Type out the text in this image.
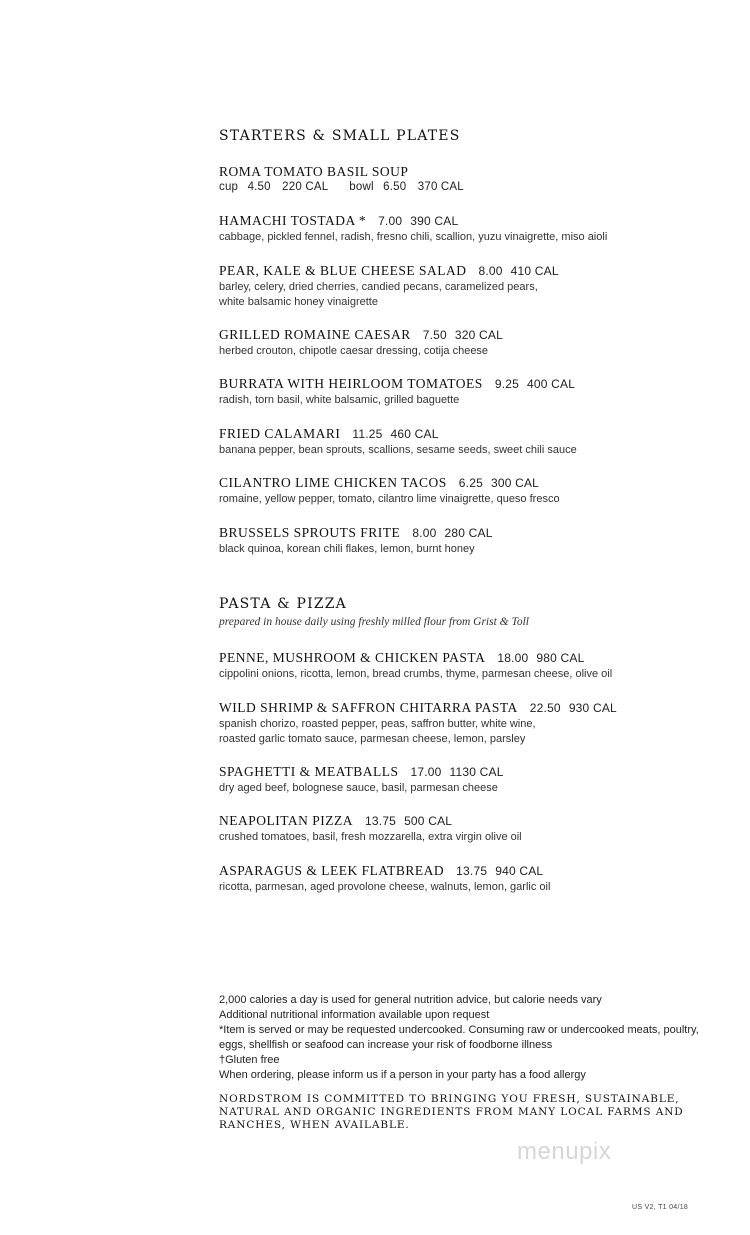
STARTERS & SMALL PLATES
ROMA TOMATO BASIL SOUP
cup 4.50 220 CAL bowl 6.50 370 CAL
HAMACHI TOSTADA * 7.00 390 CAL
cabbage, pickled fennel, radish, fresno chili, scallion, yuzu vinaigrette, miso aioli
PEAR, KALE & BLUE CHEESE SALAD 8.00 410 CAL
barley, celery, dried cherries, candied pecans, caramelized pears,
white balsamic honey vinaigrette
GRILLED ROMAINE CAESAR 7.50 320 CAL
herbed crouton, chipotle caesar dressing, cotija cheese
BURRATA WITH HEIRLOOM TOMATOES 9.25 400 CAL
radish, torn basil, white balsamic, grilled baguette
FRIED CALAMARI 11.25 460 CAL
banana pepper, bean sprouts, scallions, sesame seeds, sweet chili sauce
CILANTRO LIME CHICKEN TACOS 6.25 300 CAL
romaine, yellow pepper, tomato, cilantro lime vinaigrette, queso fresco
BRUSSELS SPROUTS FRITE 8.00 280 CAL
black quinoa, korean chili flakes, lemon, burnt honey
PASTA & PIZZA
prepared in house daily using freshly milled flour from Grist & Toll
PENNE, MUSHROOM & CHICKEN PASTA 18.00 980 CAL
cippolini onions, ricotta, lemon, bread crumbs, thyme, parmesan cheese, olive oil
WILD SHRIMP & SAFFRON CHITARRA PASTA 22.50 930 CAL
spanish chorizo, roasted pepper, peas, saffron butter, white wine,
roasted garlic tomato sauce, parmesan cheese, lemon, parsley
SPAGHETTI & MEATBALLS 17.00 1130 CAL
dry aged beef, bolognese sauce, basil, parmesan cheese
NEAPOLITAN PIZZA 13.75 500 CAL
crushed tomatoes, basil, fresh mozzarella, extra virgin olive oil
ASPARAGUS & LEEK FLATBREAD 13.75 940 CAL
ricotta, parmesan, aged provolone cheese, walnuts, lemon, garlic oil
2,000 calories a day is used for general nutrition advice, but calorie needs vary
Additional nutritional information available upon request
*Item is served or may be requested undercooked. Consuming raw or undercooked meats, poultry,
eggs, shellfish or seafood can increase your risk of foodborne illness
†Gluten free
When ordering, please inform us if a person in your party has a food allergy
NORDSTROM IS COMMITTED TO BRINGING YOU FRESH, SUSTAINABLE, NATURAL AND ORGANIC INGREDIENTS FROM MANY LOCAL FARMS AND RANCHES, WHEN AVAILABLE.
menupix
US V2, T1 04/18
